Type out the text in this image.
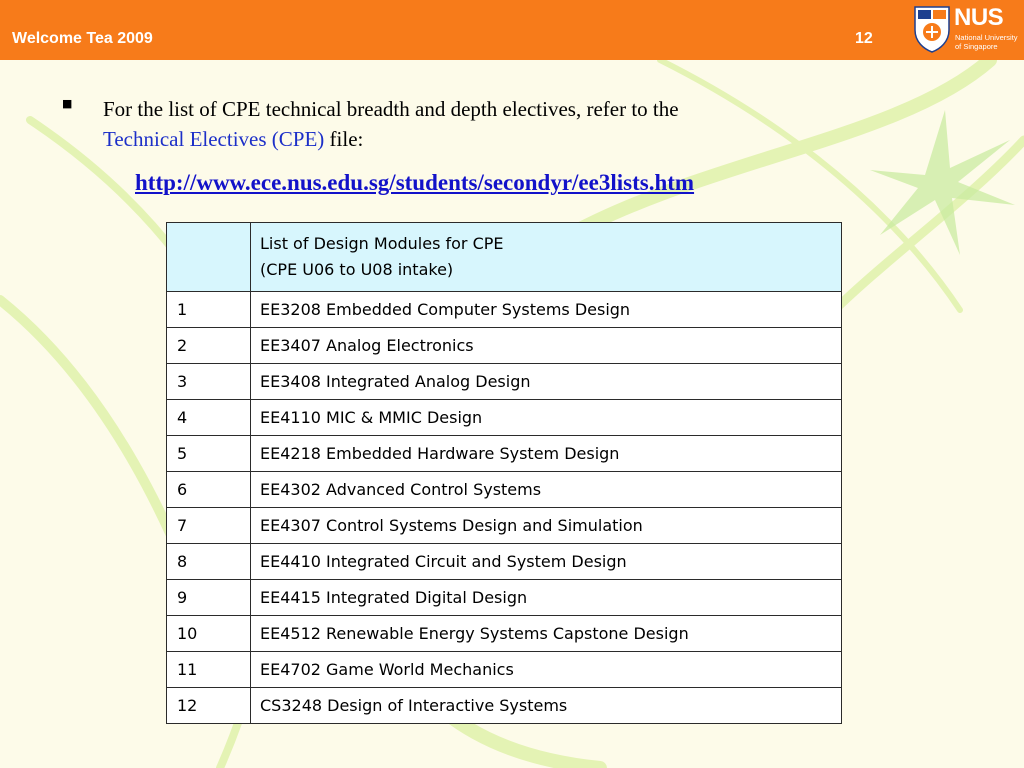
Welcome Tea 2009	12
NUS
National University
of Singapore
■ For the list of CPE technical breadth and depth electives, refer to the
Technical Electives (CPE) file:
http://www.ece.nus.edu.sg/students/secondyr/ee3lists.htm

	List of Design Modules for CPE
(CPE U06 to U08 intake)

1	EE3208 Embedded Computer Systems Design
2	EE3407 Analog Electronics
3	EE3408 Integrated Analog Design
4	EE4110 MIC & MMIC Design
5	EE4218 Embedded Hardware System Design
6	EE4302 Advanced Control Systems
7	EE4307 Control Systems Design and Simulation
8	EE4410 Integrated Circuit and System Design
9	EE4415 Integrated Digital Design
10	EE4512 Renewable Energy Systems Capstone Design
11	EE4702 Game World Mechanics
12	CS3248 Design of Interactive Systems
